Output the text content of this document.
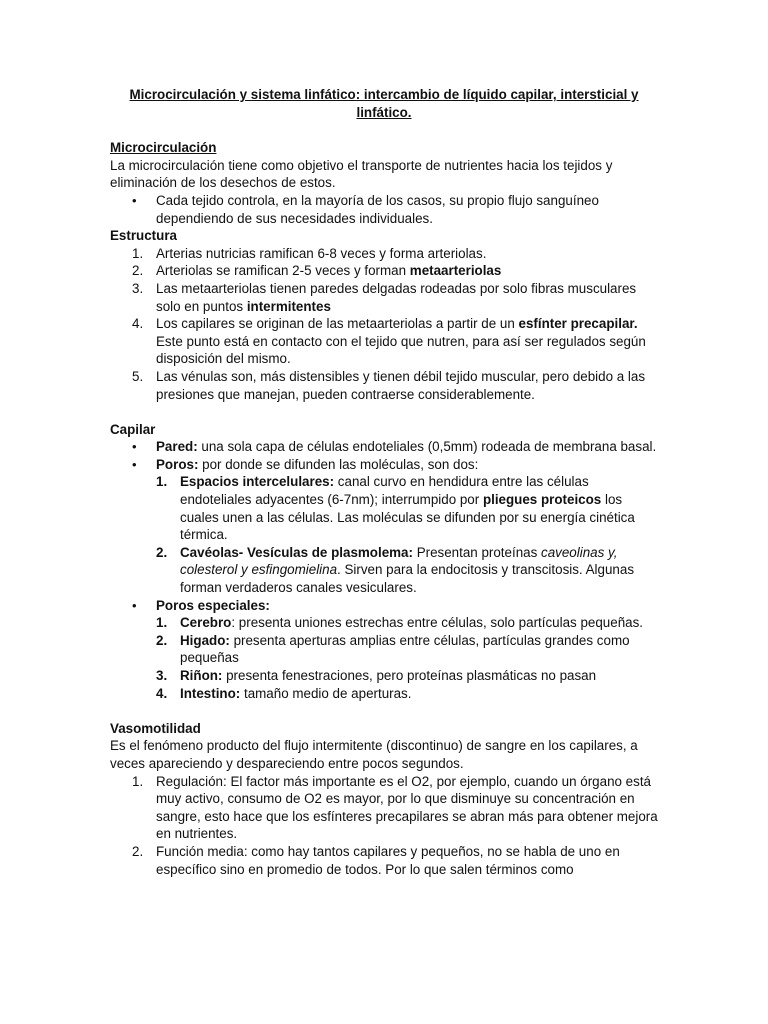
Microcirculación y sistema linfático: intercambio de líquido capilar, intersticial y linfático.

Microcirculación

La microcirculación tiene como objetivo el transporte de nutrientes hacia los tejidos y eliminación de los desechos de estos.

• Cada tejido controla, en la mayoría de los casos, su propio flujo sanguíneo dependiendo de sus necesidades individuales.

Estructura

1. Arterias nutricias ramifican 6-8 veces y forma arteriolas.
2. Arteriolas se ramifican 2-5 veces y forman metaarteriolas
3. Las metaarteriolas tienen paredes delgadas rodeadas por solo fibras musculares solo en puntos intermitentes
4. Los capilares se originan de las metaarteriolas a partir de un esfínter precapilar. Este punto está en contacto con el tejido que nutren, para así ser regulados según disposición del mismo.
5. Las vénulas son, más distensibles y tienen débil tejido muscular, pero debido a las presiones que manejan, pueden contraerse considerablemente.

Capilar

• Pared: una sola capa de células endoteliales (0,5mm) rodeada de membrana basal.
• Poros: por donde se difunden las moléculas, son dos:
1. Espacios intercelulares: canal curvo en hendidura entre las células endoteliales adyacentes (6-7nm); interrumpido por pliegues proteicos los cuales unen a las células. Las moléculas se difunden por su energía cinética térmica.
2. Cavéolas- Vesículas de plasmolema: Presentan proteínas caveolinas y, colesterol y esfingomielina. Sirven para la endocitosis y transcitosis. Algunas forman verdaderos canales vesiculares.
• Poros especiales:
1. Cerebro: presenta uniones estrechas entre células, solo partículas pequeñas.
2. Higado: presenta aperturas amplias entre células, partículas grandes como pequeñas
3. Riñon: presenta fenestraciones, pero proteínas plasmáticas no pasan
4. Intestino: tamaño medio de aperturas.

Vasomotilidad

Es el fenómeno producto del flujo intermitente (discontinuo) de sangre en los capilares, a veces apareciendo y despareciendo entre pocos segundos.

1. Regulación: El factor más importante es el O2, por ejemplo, cuando un órgano está muy activo, consumo de O2 es mayor, por lo que disminuye su concentración en sangre, esto hace que los esfínteres precapilares se abran más para obtener mejora en nutrientes.
2. Función media: como hay tantos capilares y pequeños, no se habla de uno en específico sino en promedio de todos. Por lo que salen términos como
